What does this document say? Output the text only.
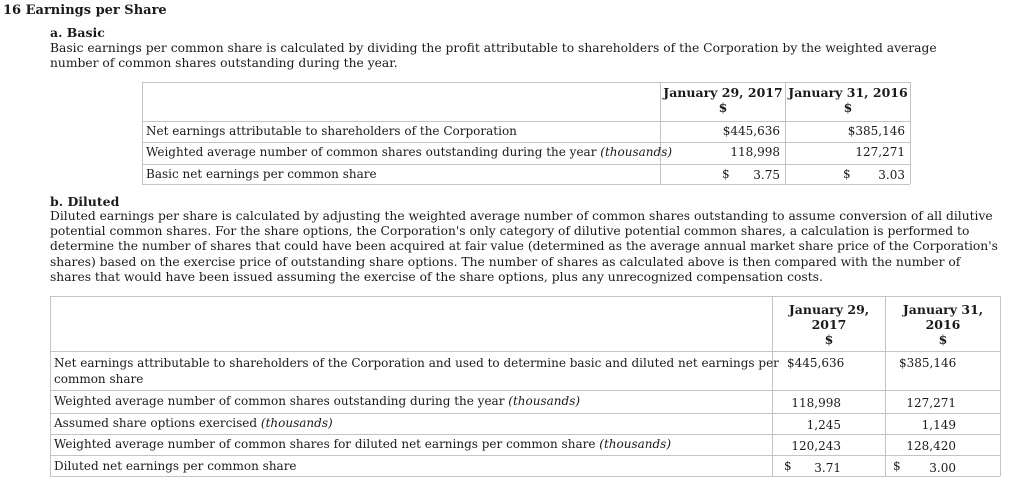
16 Earnings per Share
a. Basic
Basic earnings per common share is calculated by dividing the profit attributable to shareholders of the Corporation by the weighted average number of common shares outstanding during the year.
January 29, 2017
$
January 31, 2016
$
Net earnings attributable to shareholders of the Corporation	$445,636	$385,146
Weighted average number of common shares outstanding during the year (thousands)	118,998	127,271
Basic net earnings per common share	$	3.75	$	3.03
b. Diluted
Diluted earnings per share is calculated by adjusting the weighted average number of common shares outstanding to assume conversion of all dilutive potential common shares. For the share options, the Corporation's only category of dilutive potential common shares, a calculation is performed to determine the number of shares that could have been acquired at fair value (determined as the average annual market share price of the Corporation's shares) based on the exercise price of outstanding share options. The number of shares as calculated above is then compared with the number of shares that would have been issued assuming the exercise of the share options, plus any unrecognized compensation costs.
January 29,
2017
$
January 31,
2016
$
Net earnings attributable to shareholders of the Corporation and used to determine basic and diluted net earnings per
common share
$445,636	$385,146
Weighted average number of common shares outstanding during the year (thousands)	118,998	127,271
Assumed share options exercised (thousands)	1,245	1,149
Weighted average number of common shares for diluted net earnings per common share (thousands)	120,243	128,420
Diluted net earnings per common share	$	3.71	$	3.00
